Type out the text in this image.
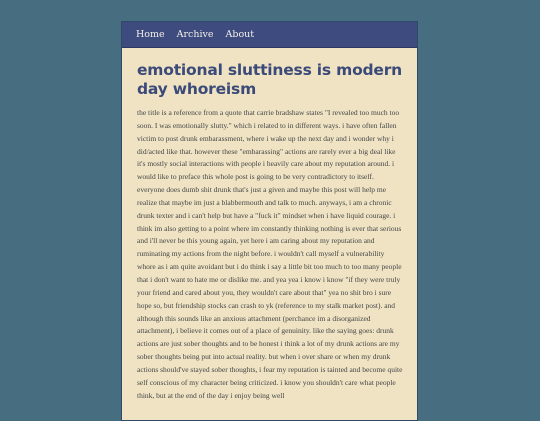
Home Archive About
emotional sluttiness is modern day whoreism

the title is a reference from a quote that carrie bradshaw states "I revealed too much too soon. I was emotionally slutty." which i related to in different ways. i have often fallen victim to post drunk embarassment, where i wake up the next day and i wonder why i did/acted like that. however these "embarassing" actions are rarely ever a big deal like it's mostly social interactions with people i heavily care about my reputation around. i would like to preface this whole post is going to be very contradictory to itself. everyone does dumb shit drunk that's just a given and maybe this post will help me realize that maybe im just a blabbermouth and talk to much. anyways, i am a chronic drunk texter and i can't help but have a "fuck it" mindset when i have liquid courage. i think im also getting to a point where im constantly thinking nothing is ever that serious and i'll never be this young again, yet here i am caring about my reputation and ruminating my actions from the night before. i wouldn't call myself a vulnerability whore as i am quite avoidant but i do think i say a little bit too much to too many people that i don't want to hate me or dislike me. and yea yea i know i know "if they were truly your friend and cared about you, they wouldn't care about that" yea no shit bro i sure hope so, but friendship stocks can crash to yk (reference to my stalk market post). and although this sounds like an anxious attachment (perchance im a disorganized attachment), i believe it comes out of a place of genuinity. like the saying goes: drunk actions are just sober thoughts and to be honest i think a lot of my drunk actions are my sober thoughts being put into actual reality. but when i over share or when my drunk actions should've stayed sober thoughts, i fear my reputation is tainted and become quite self conscious of my character being criticized. i know you shouldn't care what people think, but at the end of the day i enjoy being well
